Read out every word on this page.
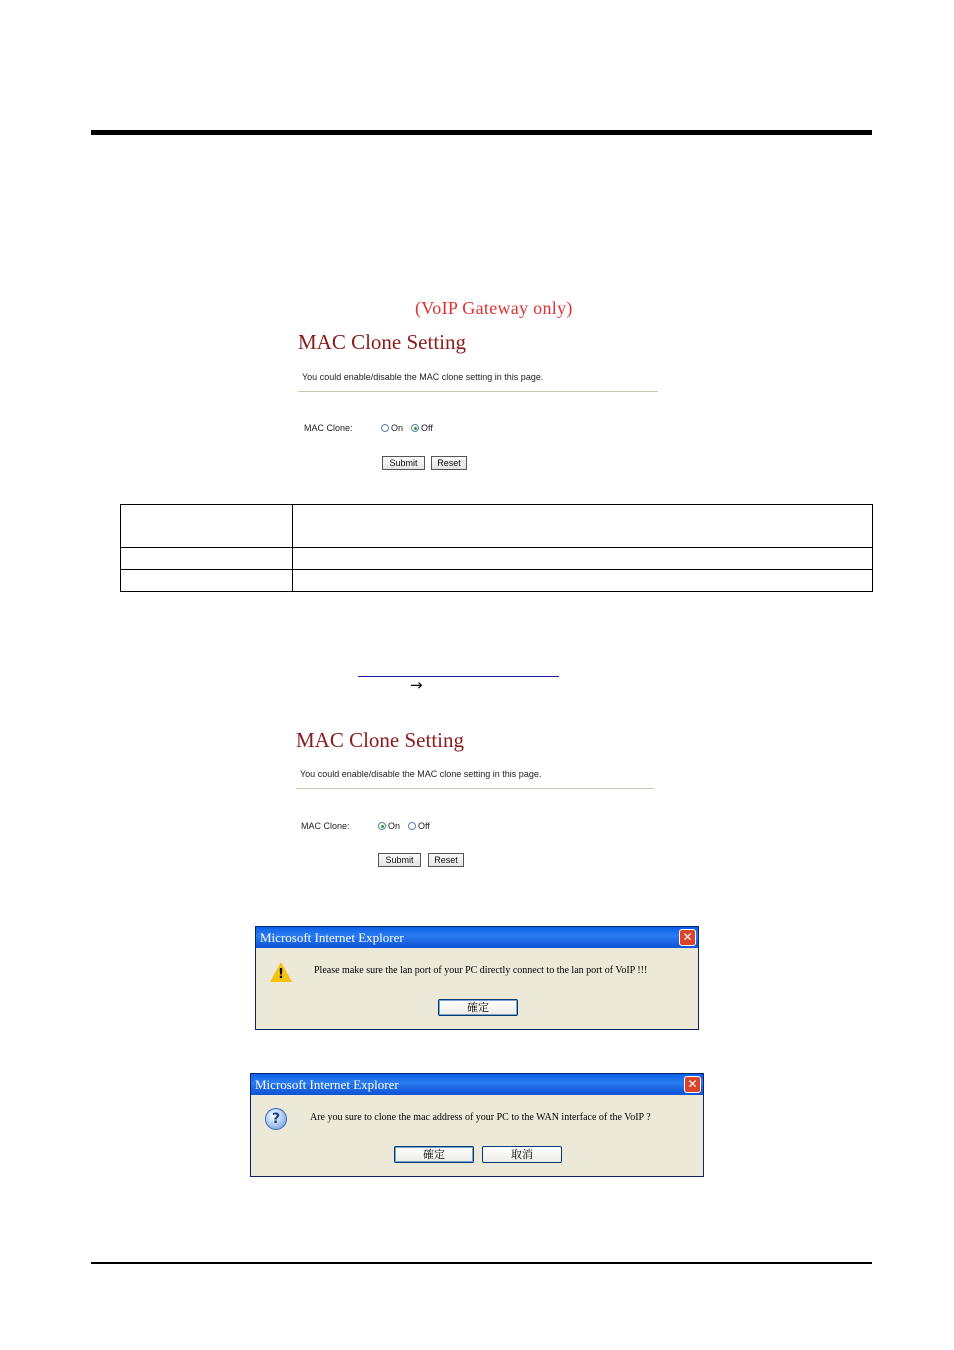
(VoIP Gateway only)
MAC Clone Setting
You could enable/disable the MAC clone setting in this page.
MAC Clone:	On Off
Submit	Reset

→
MAC Clone Setting
You could enable/disable the MAC clone setting in this page.
MAC Clone:	On Off
Submit	Reset
Microsoft Internet Explorer	✕
!	Please make sure the lan port of your PC directly connect to the lan port of VoIP !!!
確定
Microsoft Internet Explorer	✕
?	Are you sure to clone the mac address of your PC to the WAN interface of the VoIP ?
確定	取消
